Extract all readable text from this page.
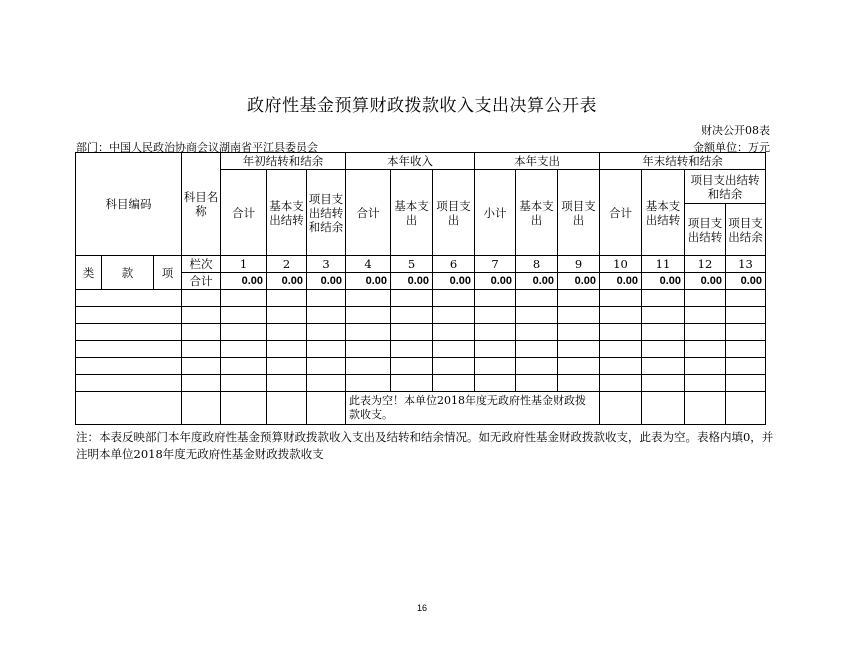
政府性基金预算财政拨款收入支出决算公开表
财决公开08表
部门：中国人民政治协商会议湖南省平江县委员会	金额单位：万元
科目编码			科目名称	年初结转和结余			本年收入			本年支出			年末结转和结余			
				合计	基本支出结转	项目支出结转和结余	合计	基本支出	项目支出	小计	基本支出	项目支出	合计	基本支出结转	项目支出结转和结余	
															项目支出结转	项目支出结余
类	款	项	栏次	1	2	3	4	5	6	7	8	9	10	11	12	13
			合计	0.00	0.00	0.00	0.00	0.00	0.00	0.00	0.00	0.00	0.00	0.00	0.00	0.00

							此表为空！本单位2018年度无政府性基金财政拨款收支。									
注：本表反映部门本年度政府性基金预算财政拨款收入支出及结转和结余情况。如无政府性基金财政拨款收支，此表为空。表格内填0，并注明本单位2018年度无政府性基金财政拨款收支
16
